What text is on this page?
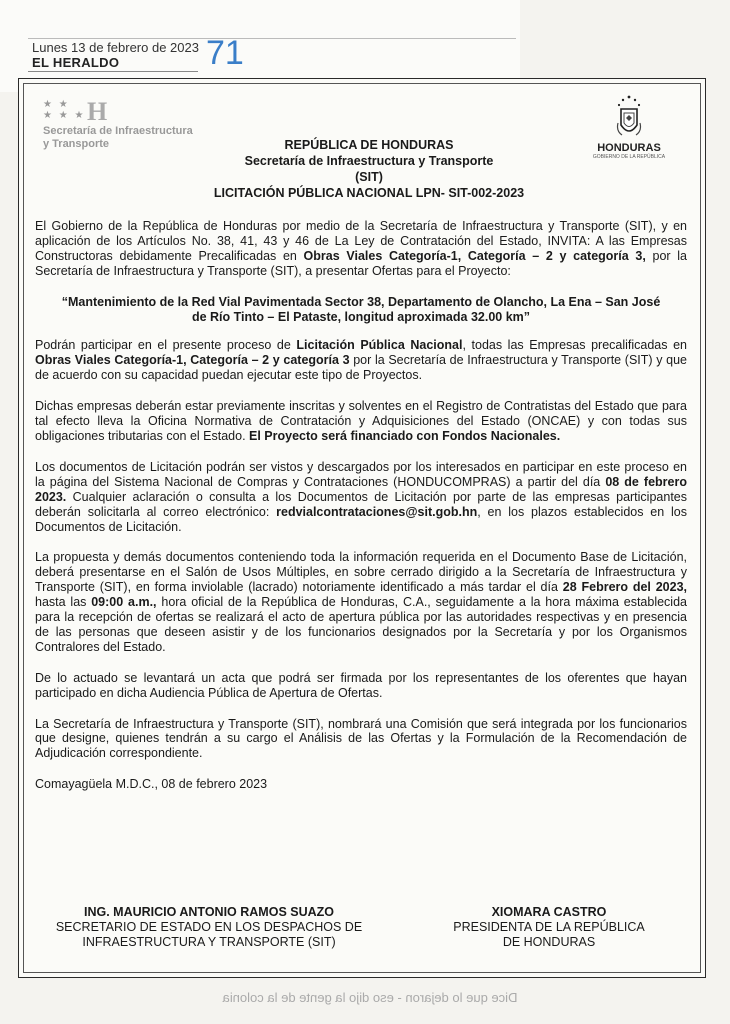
Lunes 13 de febrero de 2023
EL HERALDO	71
★ ★
★ ★ ★ H
Secretaría de Infraestructura
y Transporte	HONDURAS
GOBIERNO DE LA REPÚBLICA
REPÚBLICA DE HONDURAS
Secretaría de Infraestructura y Transporte
(SIT)
LICITACIÓN PÚBLICA NACIONAL LPN- SIT-002-2023

El Gobierno de la República de Honduras por medio de la Secretaría de Infraestructura y Transporte (SIT), y en aplicación de los Artículos No. 38, 41, 43 y 46 de La Ley de Contratación del Estado, INVITA: A las Empresas Constructoras debidamente Precalificadas en Obras Viales Categoría-1, Categoría – 2 y categoría 3, por la Secretaría de Infraestructura y Transporte (SIT), a presentar Ofertas para el Proyecto:

“Mantenimiento de la Red Vial Pavimentada Sector 38, Departamento de Olancho, La Ena – San José de Río Tinto – El Pataste, longitud aproximada 32.00 km”

Podrán participar en el presente proceso de Licitación Pública Nacional, todas las Empresas precalificadas en Obras Viales Categoría-1, Categoría – 2 y categoría 3 por la Secretaría de Infraestructura y Transporte (SIT) y que de acuerdo con su capacidad puedan ejecutar este tipo de Proyectos.

Dichas empresas deberán estar previamente inscritas y solventes en el Registro de Contratistas del Estado que para tal efecto lleva la Oficina Normativa de Contratación y Adquisiciones del Estado (ONCAE) y con todas sus obligaciones tributarias con el Estado. El Proyecto será financiado con Fondos Nacionales.

Los documentos de Licitación podrán ser vistos y descargados por los interesados en participar en este proceso en la página del Sistema Nacional de Compras y Contrataciones (HONDUCOMPRAS) a partir del día 08 de febrero 2023. Cualquier aclaración o consulta a los Documentos de Licitación por parte de las empresas participantes deberán solicitarla al correo electrónico: redvialcontrataciones@sit.gob.hn, en los plazos establecidos en los Documentos de Licitación.

La propuesta y demás documentos conteniendo toda la información requerida en el Documento Base de Licitación, deberá presentarse en el Salón de Usos Múltiples, en sobre cerrado dirigido a la Secretaría de Infraestructura y Transporte (SIT), en forma inviolable (lacrado) notoriamente identificado a más tardar el día 28 Febrero del 2023, hasta las 09:00 a.m., hora oficial de la República de Honduras, C.A., seguidamente a la hora máxima establecida para la recepción de ofertas se realizará el acto de apertura pública por las autoridades respectivas y en presencia de las personas que deseen asistir y de los funcionarios designados por la Secretaría y por los Organismos Contralores del Estado.

De lo actuado se levantará un acta que podrá ser firmada por los representantes de los oferentes que hayan participado en dicha Audiencia Pública de Apertura de Ofertas.

La Secretaría de Infraestructura y Transporte (SIT), nombrará una Comisión que será integrada por los funcionarios que designe, quienes tendrán a su cargo el Análisis de las Ofertas y la Formulación de la Recomendación de Adjudicación correspondiente.

Comayagüela M.D.C., 08 de febrero 2023

ING. MAURICIO ANTONIO RAMOS SUAZO
SECRETARIO DE ESTADO EN LOS DESPACHOS DE
INFRAESTRUCTURA Y TRANSPORTE (SIT)
XIOMARA CASTRO
PRESIDENTA DE LA REPÚBLICA
DE HONDURAS
Dice que lo dejaron - eso dijo la gente de la colonia
